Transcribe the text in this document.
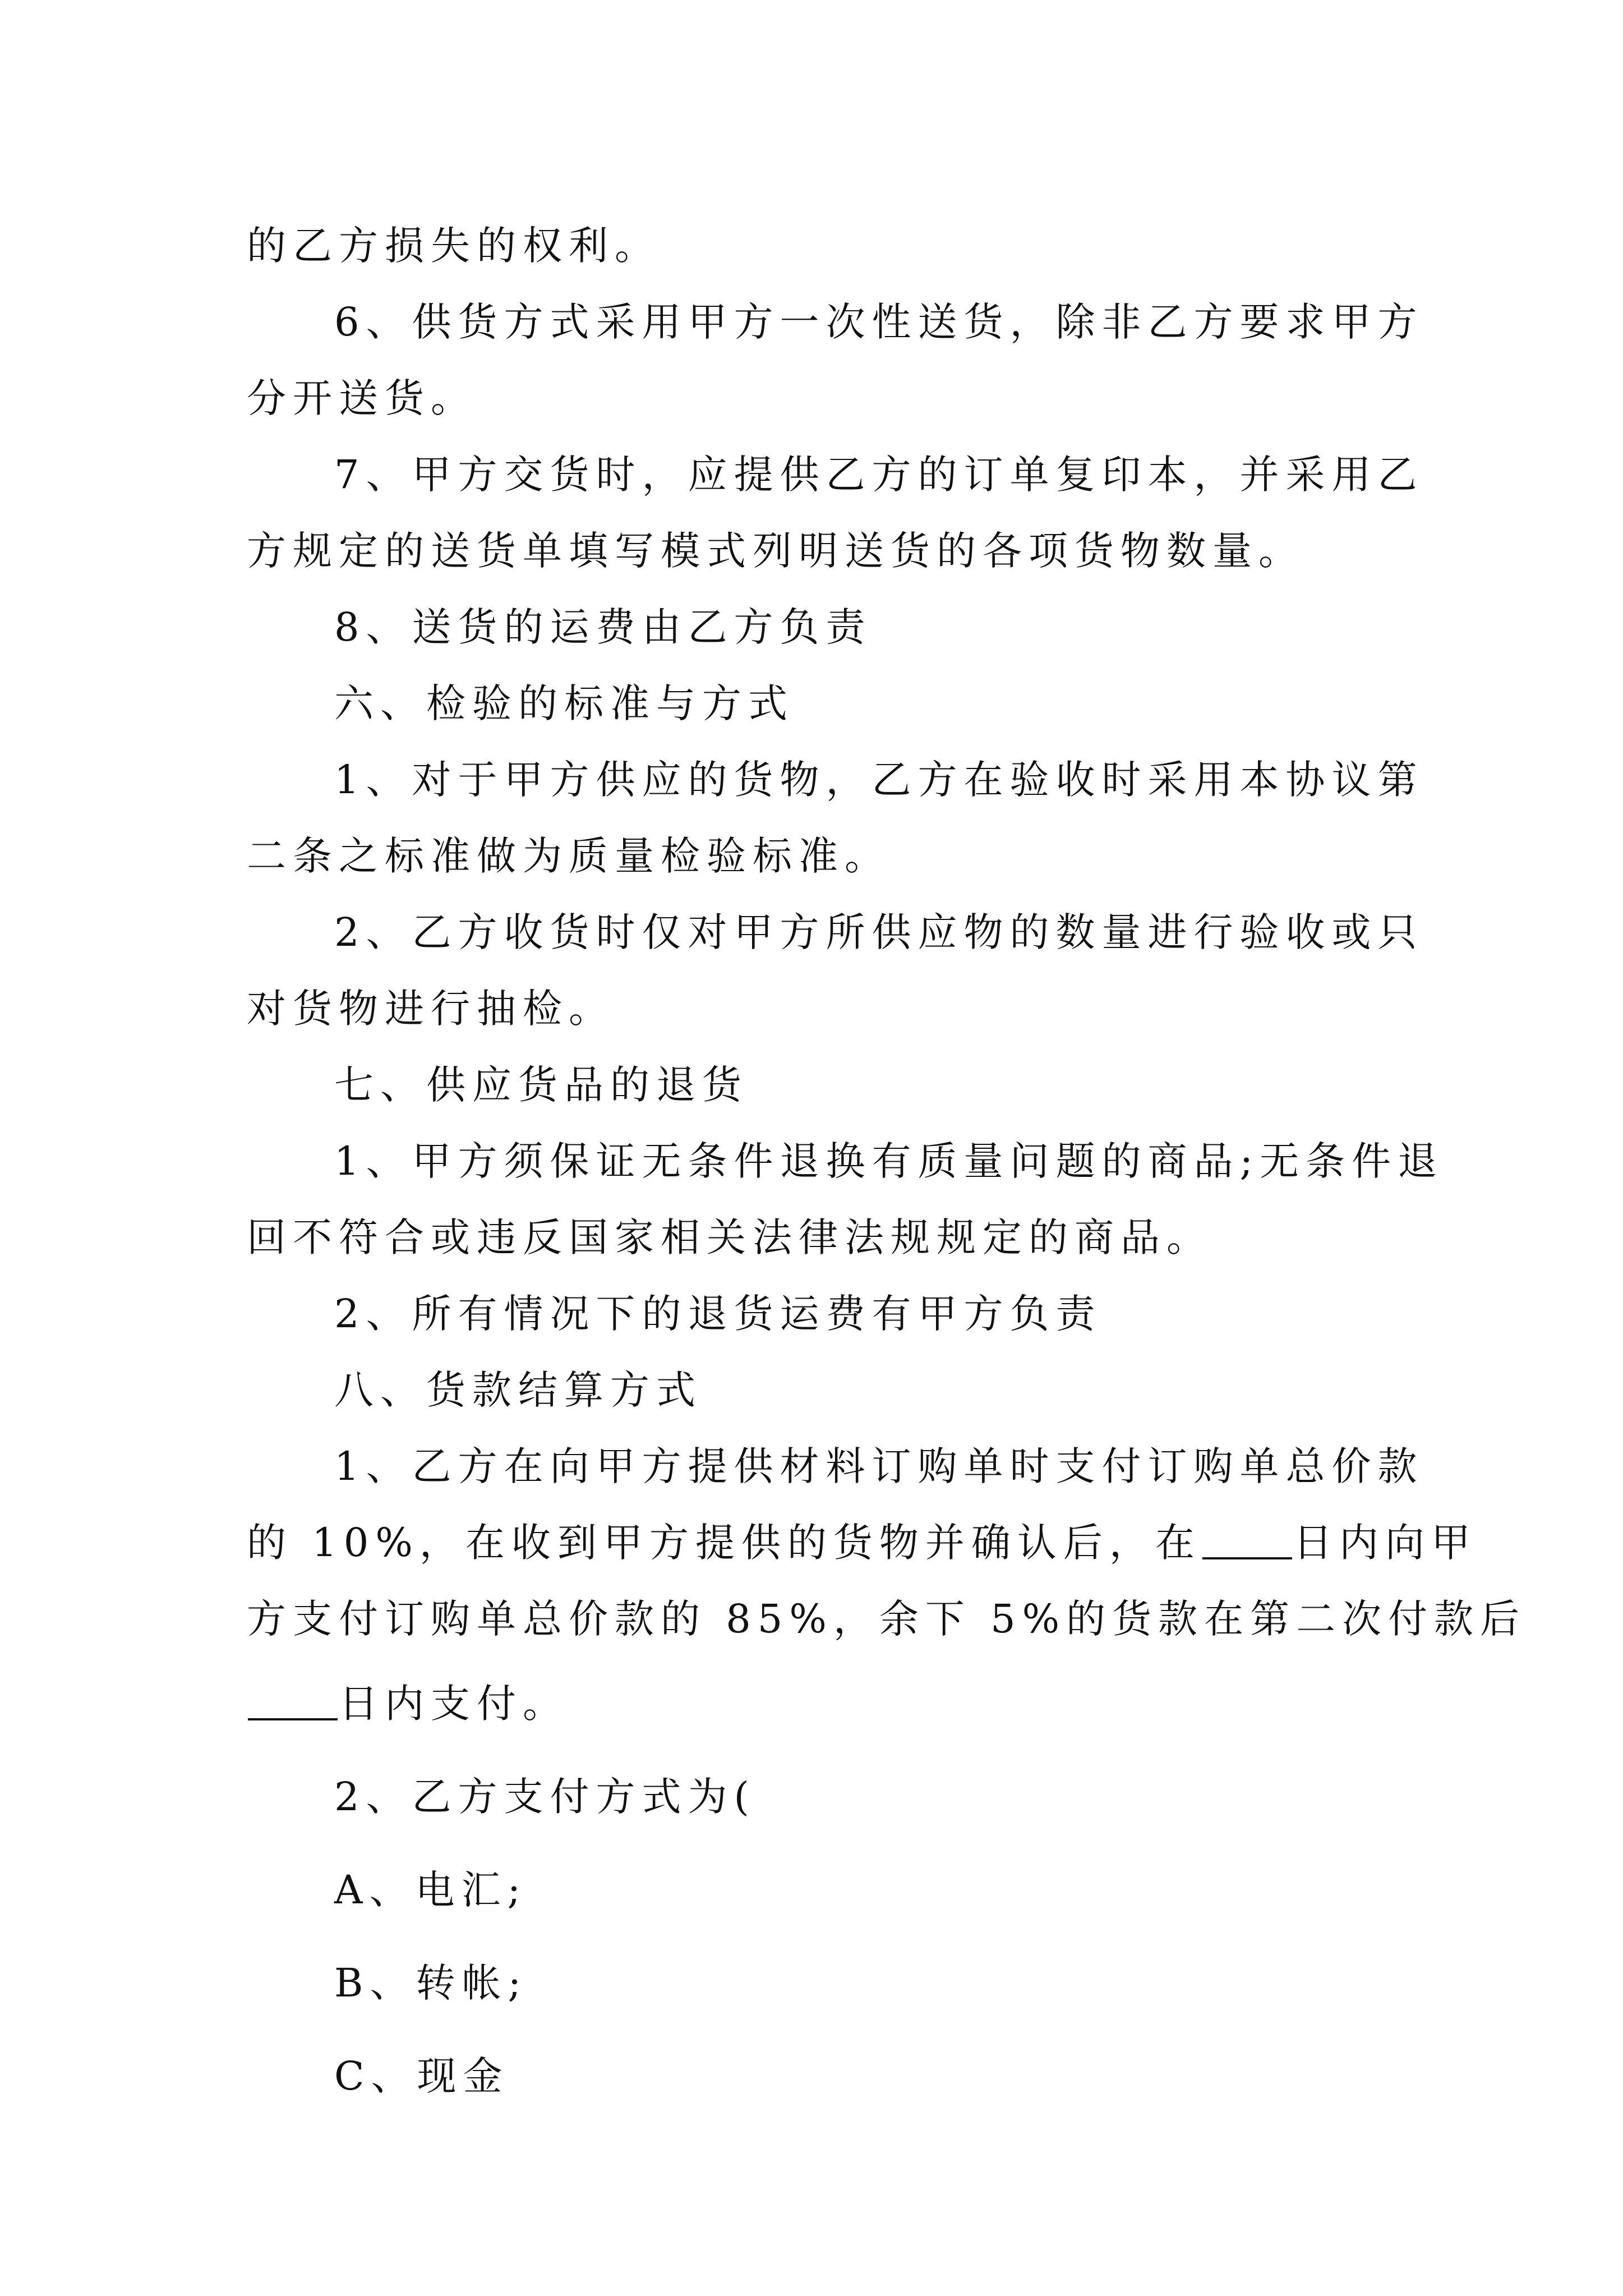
的乙方损失的权利。
6、供货方式采用甲方一次性送货，除非乙方要求甲方
分开送货。
7、甲方交货时，应提供乙方的订单复印本，并采用乙
方规定的送货单填写模式列明送货的各项货物数量。
8、送货的运费由乙方负责
六、检验的标准与方式
1、对于甲方供应的货物，乙方在验收时采用本协议第
二条之标准做为质量检验标准。
2、乙方收货时仅对甲方所供应物的数量进行验收或只
对货物进行抽检。
七、供应货品的退货
1、甲方须保证无条件退换有质量问题的商品;无条件退
回不符合或违反国家相关法律法规规定的商品。
2、所有情况下的退货运费有甲方负责
八、货款结算方式
1、乙方在向甲方提供材料订购单时支付订购单总价款
的 10%，在收到甲方提供的货物并确认后，在 日内向甲
方支付订购单总价款的 85%，余下 5%的货款在第二次付款后
日内支付。
2、乙方支付方式为(
A、电汇;
B、转帐;
C、现金
